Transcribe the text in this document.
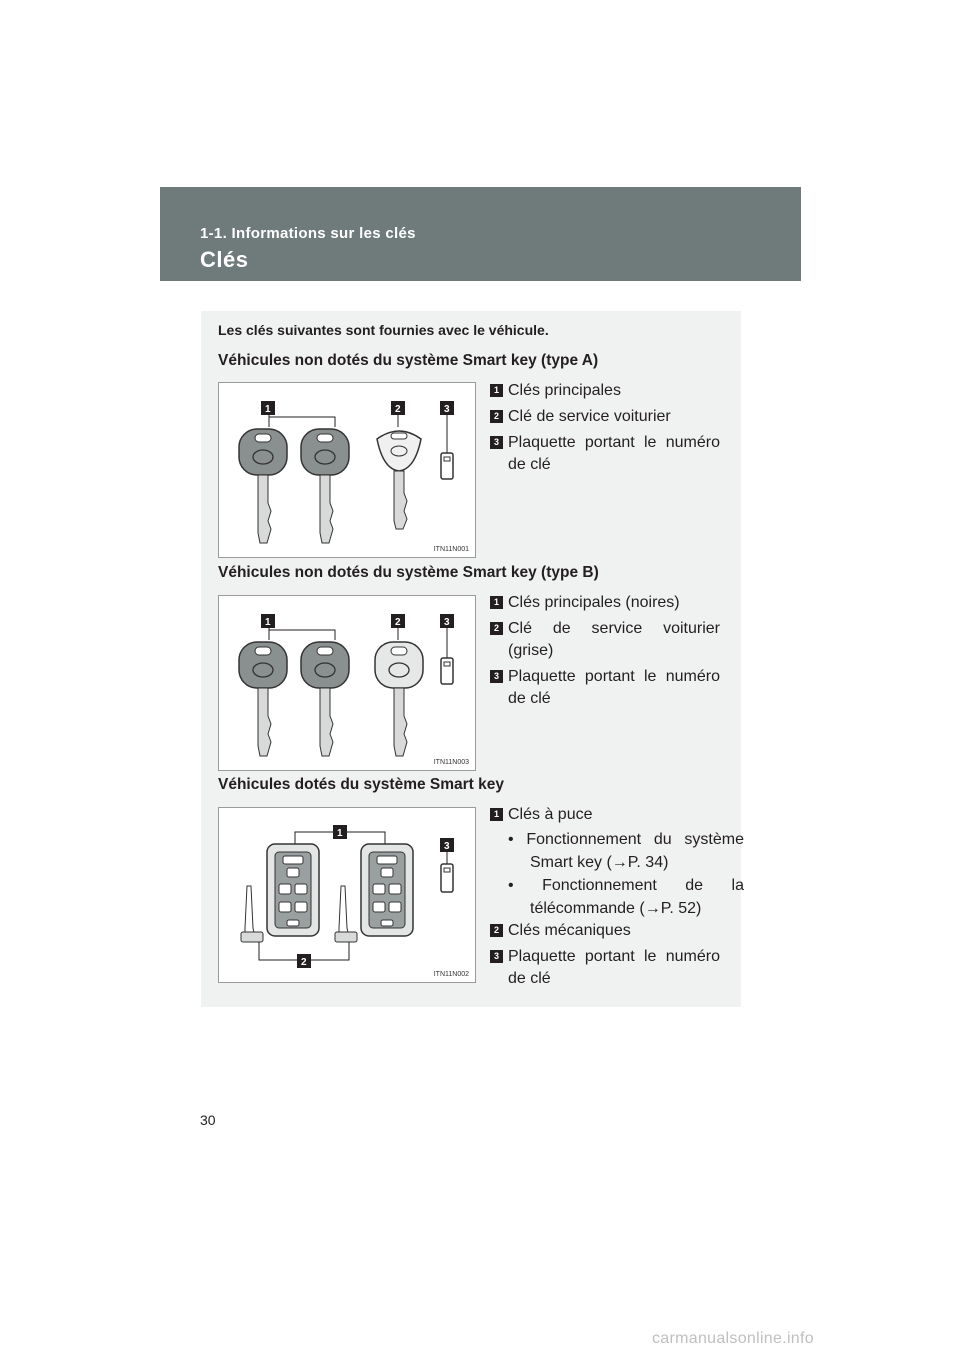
1-1. Informations sur les clés
Clés
Les clés suivantes sont fournies avec le véhicule.
Véhicules non dotés du système Smart key (type A)
1	2	3
ITN11N001
1 Clés principales
2 Clé de service voiturier
3 Plaquette portant le numéro de clé
Véhicules non dotés du système Smart key (type B)
1	2	3
ITN11N003
1 Clés principales (noires)
2 Clé de service voiturier (grise)
3 Plaquette portant le numéro de clé
Véhicules dotés du système Smart key
1
3
2
ITN11N002
1 Clés à puce
• Fonctionnement du système Smart key (→P. 34)
• Fonctionnement de la télécommande (→P. 52)
2 Clés mécaniques
3 Plaquette portant le numéro de clé
30
carmanualsonline.info
